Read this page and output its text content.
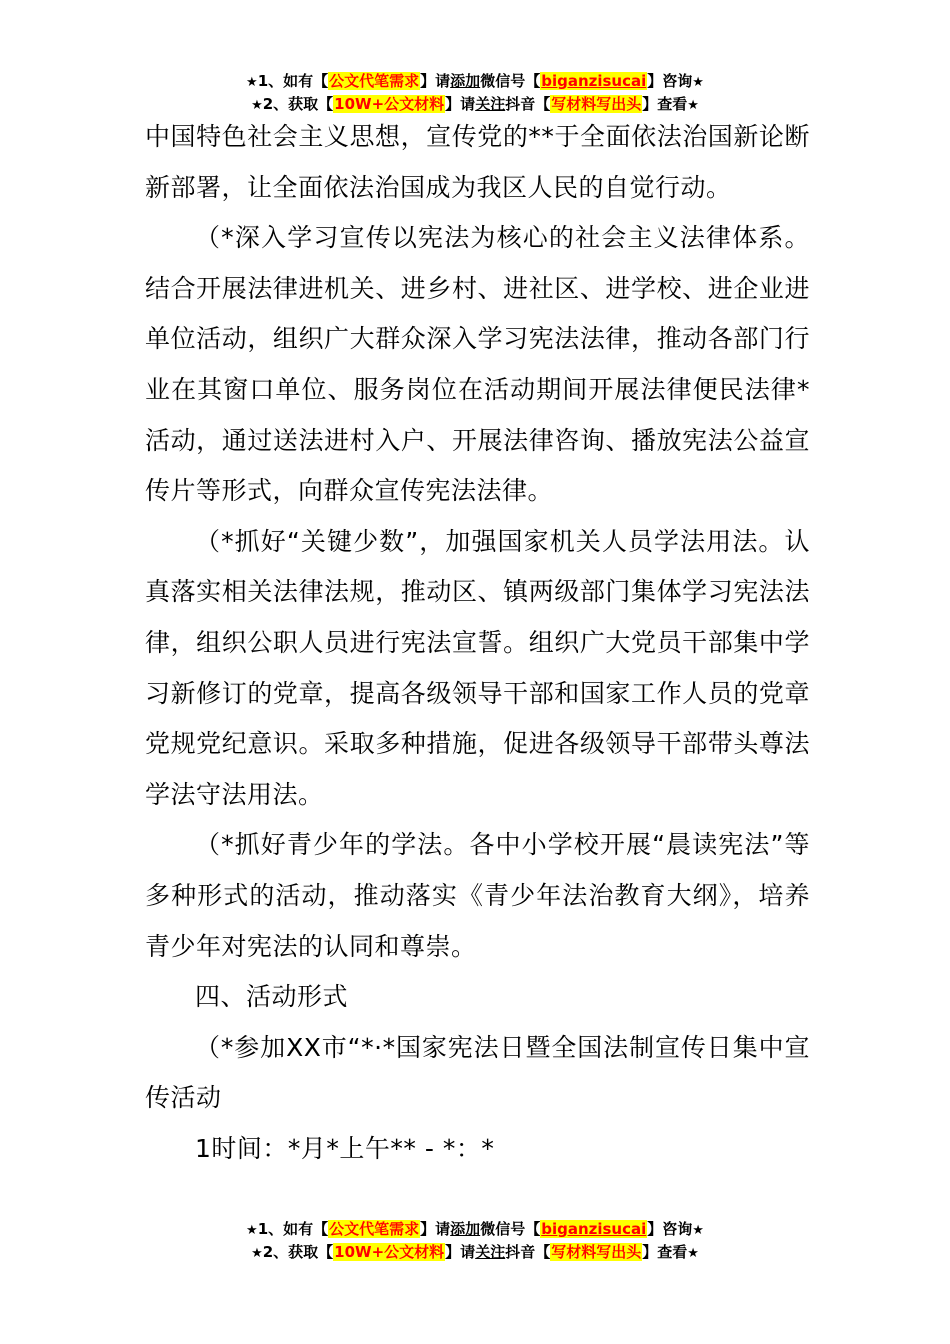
★1、如有【公文代笔需求】请添加微信号【biganzisucai】咨询★
★2、获取【10W+公文材料】请关注抖音【写材料写出头】查看★

中国特色社会主义思想，宣传党的**于全面依法治国新论断新部署，让全面依法治国成为我区人民的自觉行动。

（*深入学习宣传以宪法为核心的社会主义法律体系。结合开展法律进机关、进乡村、进社区、进学校、进企业进单位活动，组织广大群众深入学习宪法法律，推动各部门行业在其窗口单位、服务岗位在活动期间开展法律便民法律*活动，通过送法进村入户、开展法律咨询、播放宪法公益宣传片等形式，向群众宣传宪法法律。

（*抓好“关键少数”，加强国家机关人员学法用法。认真落实相关法律法规，推动区、镇两级部门集体学习宪法法律，组织公职人员进行宪法宣誓。组织广大党员干部集中学习新修订的党章，提高各级领导干部和国家工作人员的党章党规党纪意识。采取多种措施，促进各级领导干部带头尊法学法守法用法。

（*抓好青少年的学法。各中小学校开展“晨读宪法”等多种形式的活动，推动落实《青少年法治教育大纲》，培养青少年对宪法的认同和尊崇。

四、活动形式

（*参加XX市“*·*国家宪法日暨全国法制宣传日集中宣传活动

1时间：*月*上午** - *：*

★1、如有【公文代笔需求】请添加微信号【biganzisucai】咨询★
★2、获取【10W+公文材料】请关注抖音【写材料写出头】查看★
